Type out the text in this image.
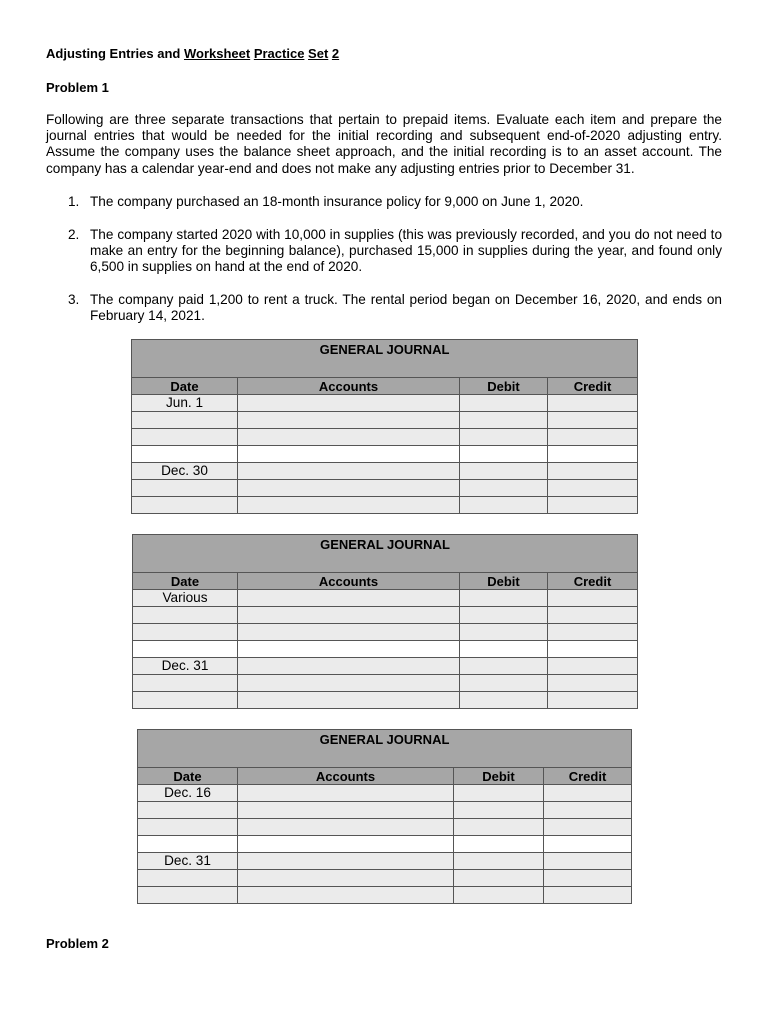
Adjusting Entries and Worksheet Practice Set 2

Problem 1

Following are three separate transactions that pertain to prepaid items. Evaluate each item and prepare the journal entries that would be needed for the initial recording and subsequent end-of-2020 adjusting entry. Assume the company uses the balance sheet approach, and the initial recording is to an asset account. The company has a calendar year-end and does not make any adjusting entries prior to December 31.

1. The company purchased an 18-month insurance policy for 9,000 on June 1, 2020.

2. The company started 2020 with 10,000 in supplies (this was previously recorded, and you do not need to make an entry for the beginning balance), purchased 15,000 in supplies during the year, and found only 6,500 in supplies on hand at the end of 2020.

3. The company paid 1,200 to rent a truck. The rental period began on December 16, 2020, and ends on February 14, 2021.

GENERAL JOURNAL			
Date	Accounts	Debit	Credit
Jun. 1			

Dec. 30			

GENERAL JOURNAL			
Date	Accounts	Debit	Credit
Various			

Dec. 31			

GENERAL JOURNAL			
Date	Accounts	Debit	Credit
Dec. 16			

Dec. 31			

Problem 2
